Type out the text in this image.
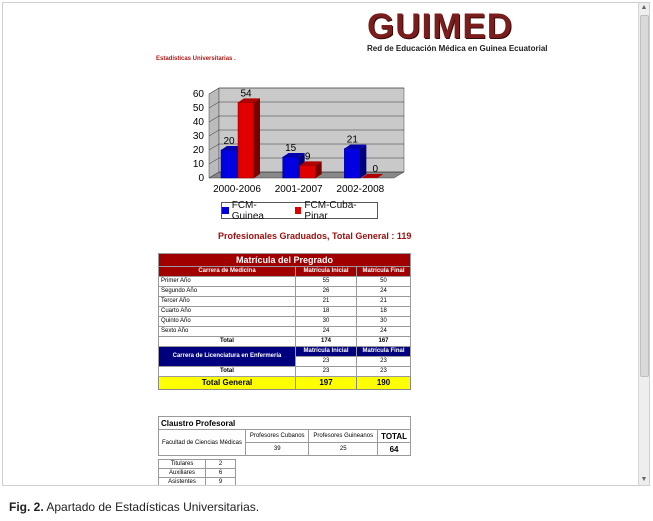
GUIMED
Red de Educación Médica en Guinea Ecuatorial
Estadísticas Universitarias .
0
10
20
30
40
50
60
20
54
2000-2006
15
9
2001-2007
21
0
2002-2008
FCM-Guinea
FCM-Cuba-Pinar
Profesionales Graduados, Total General : 119
Matrícula del Pregrado		
Carrera de Medicina	Matrícula Inicial	Matrícula Final
Primer Año	55	50
Segundo Año	26	24
Tercer Año	21	21
Cuarto Año	18	18
Quinto Año	30	30
Sexto Año	24	24
Total	174	167
Carrera de Licenciatura en Enfermería	Matrícula Inicial	Matrícula Final
	23	23
Total	23	23
Total General	197	190
Claustro Profesoral			
Facultad de Ciencias Médicas	Profesores Cubanos	Profesores Guineanos	TOTAL
	39	25	64
Titulares	2
Auxiliares	6
Asistentes	9
▲
▼
Fig. 2. Apartado de Estadísticas Universitarias.
